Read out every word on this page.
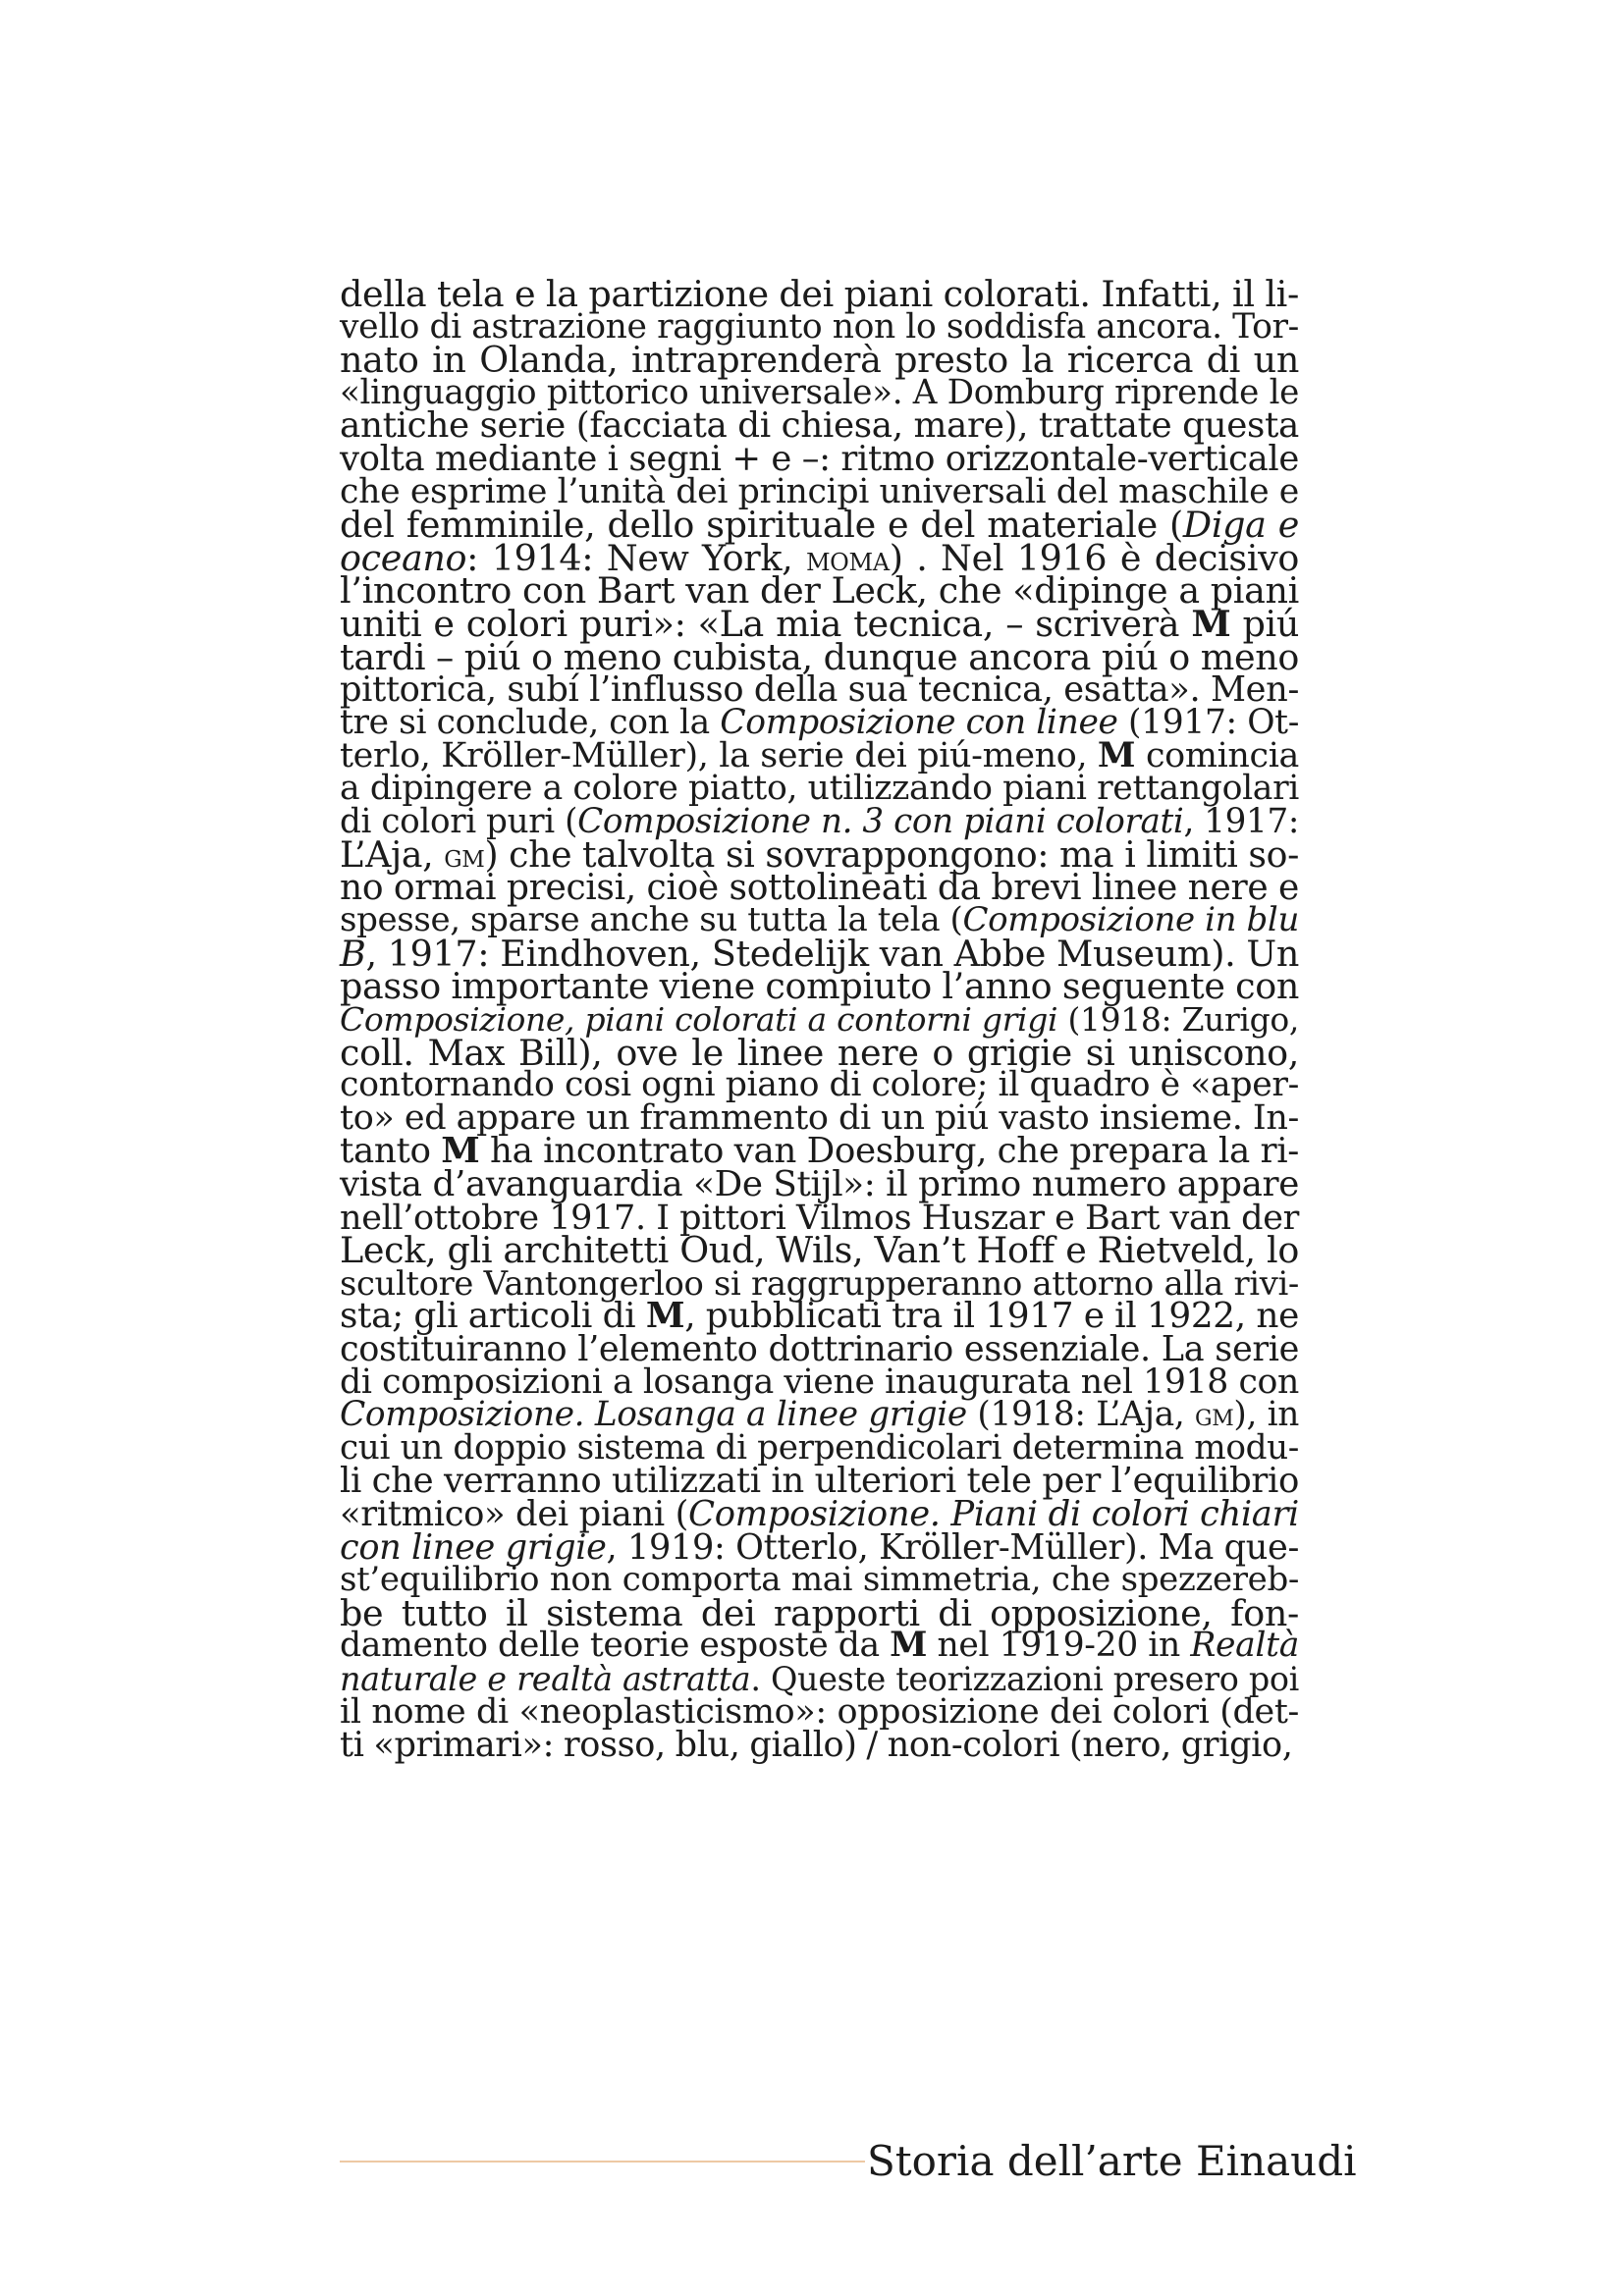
della tela e la partizione dei piani colorati. Infatti, il li-
vello di astrazione raggiunto non lo soddisfa ancora. Tor-
nato in Olanda, intraprenderà presto la ricerca di un
«linguaggio pittorico universale». A Domburg riprende le
antiche serie (facciata di chiesa, mare), trattate questa
volta mediante i segni + e –: ritmo orizzontale-verticale
che esprime l’unità dei principi universali del maschile e
del femminile, dello spirituale e del materiale (Diga e
oceano: 1914: New York, moma) . Nel 1916 è decisivo
l’incontro con Bart van der Leck, che «dipinge a piani
uniti e colori puri»: «La mia tecnica, – scriverà M piú
tardi – piú o meno cubista, dunque ancora piú o meno
pittorica, subí l’influsso della sua tecnica, esatta». Men-
tre si conclude, con la Composizione con linee (1917: Ot-
terlo, Kröller-Müller), la serie dei piú-meno, M comincia
a dipingere a colore piatto, utilizzando piani rettangolari
di colori puri (Composizione n. 3 con piani colorati, 1917:
L’Aja, gm) che talvolta si sovrappongono: ma i limiti so-
no ormai precisi, cioè sottolineati da brevi linee nere e
spesse, sparse anche su tutta la tela (Composizione in blu
B, 1917: Eindhoven, Stedelijk van Abbe Museum). Un
passo importante viene compiuto l’anno seguente con
Composizione, piani colorati a contorni grigi (1918: Zurigo,
coll. Max Bill), ove le linee nere o grigie si uniscono,
contornando cosi ogni piano di colore; il quadro è «aper-
to» ed appare un frammento di un piú vasto insieme. In-
tanto M ha incontrato van Doesburg, che prepara la ri-
vista d’avanguardia «De Stijl»: il primo numero appare
nell’ottobre 1917. I pittori Vilmos Huszar e Bart van der
Leck, gli architetti Oud, Wils, Van’t Hoff e Rietveld, lo
scultore Vantongerloo si raggrupperanno attorno alla rivi-
sta; gli articoli di M, pubblicati tra il 1917 e il 1922, ne
costituiranno l’elemento dottrinario essenziale. La serie
di composizioni a losanga viene inaugurata nel 1918 con
Composizione. Losanga a linee grigie (1918: L’Aja, gm), in
cui un doppio sistema di perpendicolari determina modu-
li che verranno utilizzati in ulteriori tele per l’equilibrio
«ritmico» dei piani (Composizione. Piani di colori chiari
con linee grigie, 1919: Otterlo, Kröller-Müller). Ma que-
st’equilibrio non comporta mai simmetria, che spezzereb-
be tutto il sistema dei rapporti di opposizione, fon-
damento delle teorie esposte da M nel 1919-20 in Realtà
naturale e realtà astratta. Queste teorizzazioni presero poi
il nome di «neoplasticismo»: opposizione dei colori (det-
ti «primari»: rosso, blu, giallo) / non-colori (nero, grigio,
Storia dell’arte Einaudi
